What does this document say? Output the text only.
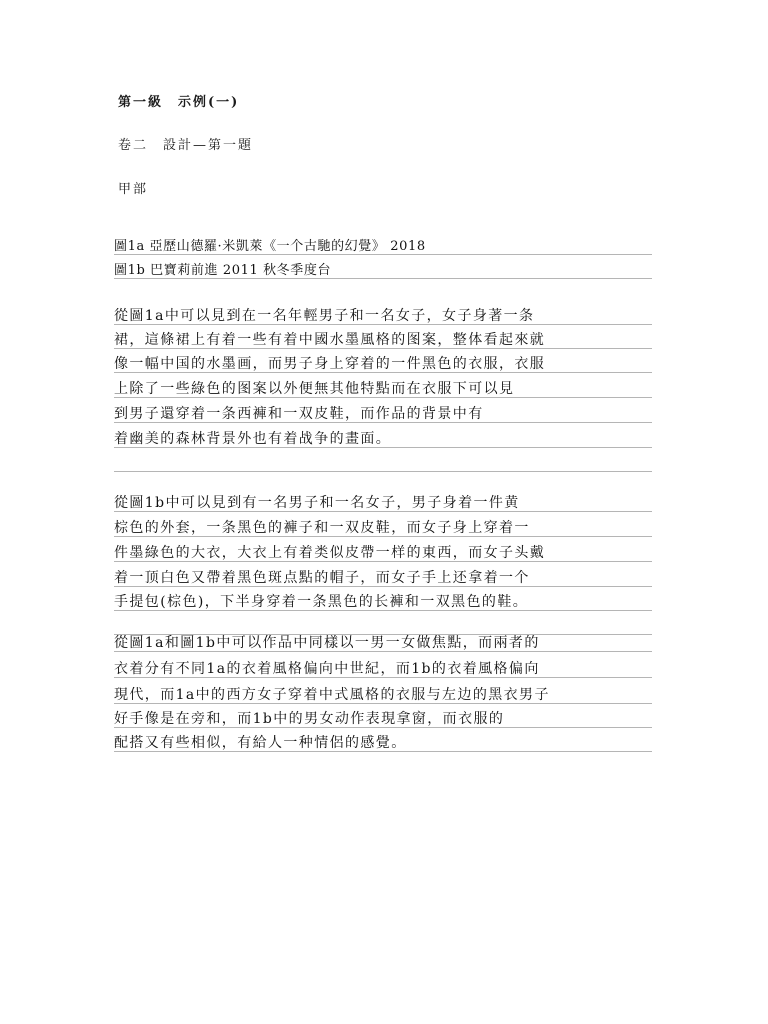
第一級　示例(一)
卷二　設計—第一題
甲部
圖1a 亞歷山德羅·米凱萊《一个古馳的幻覺》 2018
圖1b 巴寶莉前進 2011 秋冬季度台
從圖1a中可以見到在一名年輕男子和一名女子，女子身著一条
裙，這條裙上有着一些有着中國水墨風格的图案，整体看起來就
像一幅中国的水墨画，而男子身上穿着的一件黑色的衣服，衣服
上除了一些綠色的图案以外便無其他特點而在衣服下可以見
到男子還穿着一条西褲和一双皮鞋，而作品的背景中有
着幽美的森林背景外也有着战争的畫面。
從圖1b中可以見到有一名男子和一名女子，男子身着一件黄
棕色的外套，一条黑色的褲子和一双皮鞋，而女子身上穿着一
件墨綠色的大衣，大衣上有着类似皮帶一样的東西，而女子头戴
着一顶白色又帶着黑色斑点點的帽子，而女子手上还拿着一个
手提包(棕色)，下半身穿着一条黑色的长褲和一双黑色的鞋。
從圖1a和圖1b中可以作品中同樣以一男一女做焦點，而兩者的
衣着分有不同1a的衣着風格偏向中世紀，而1b的衣着風格偏向
現代，而1a中的西方女子穿着中式風格的衣服与左边的黑衣男子
好手像是在旁和，而1b中的男女动作表現拿窗，而衣服的
配搭又有些相似，有給人一种情侶的感覺。
